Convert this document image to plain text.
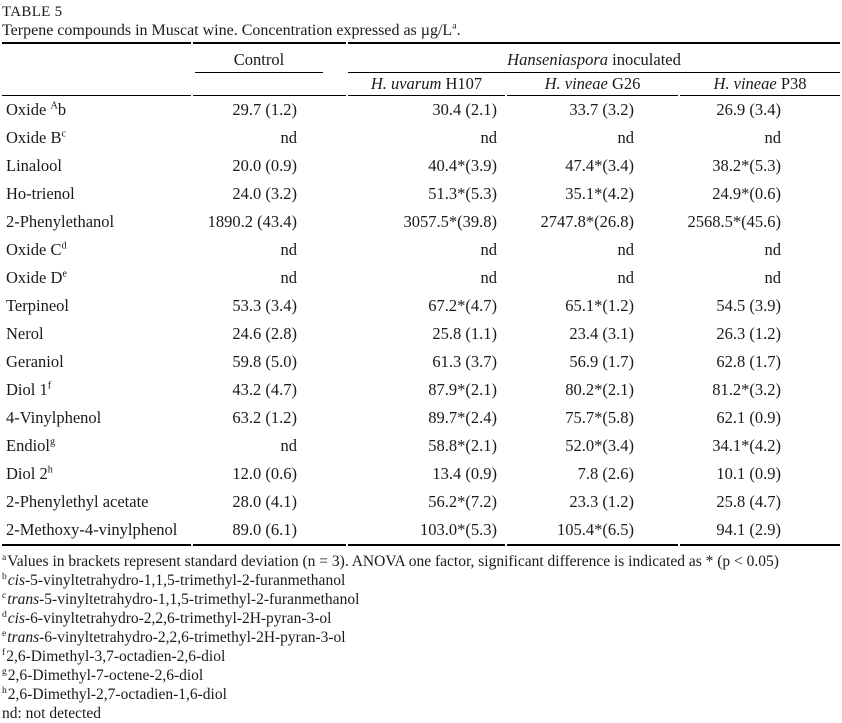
TABLE 5
Terpene compounds in Muscat wine. Concentration expressed as $\mu g/L^a$.

	Control	Hanseniaspora inoculated		
		H. uvarum H107	H. vineae G26	H. vineae P38
Oxide $^A$b	29.7 (1.2)	30.4 (2.1)	33.7 (3.2)	26.9 (3.4)
Oxide $B^c$	nd	nd	nd	nd
Linalool	20.0 (0.9)	40.4*(3.9)	47.4*(3.4)	38.2*(5.3)
Ho-trienol	24.0 (3.2)	51.3*(5.3)	35.1*(4.2)	24.9*(0.6)
2-Phenylethanol	1890.2 (43.4)	3057.5*(39.8)	2747.8*(26.8)	2568.5*(45.6)
Oxide $C^d$	nd	nd	nd	nd
Oxide De	nd	nd	nd	nd
Terpineol	53.3 (3.4)	67.2*(4.7)	65.1*(1.2)	54.5 (3.9)
Nerol	24.6 (2.8)	25.8 (1.1)	23.4 (3.1)	26.3 (1.2)
Geraniol	59.8 (5.0)	61.3 (3.7)	56.9 (1.7)	62.8 (1.7)
Diol 1$^f$	43.2 (4.7)	87.9*(2.1)	80.2*(2.1)	81.2*(3.2)
4-Vinylphenol	63.2 (1.2)	89.7*(2.4)	75.7*(5.8)	62.1 (0.9)
Endiol$^g$	nd	58.8*(2.1)	52.0*(3.4)	34.1*(4.2)
Diol 2$^h$	12.0 (0.6)	13.4 (0.9)	7.8 (2.6)	10.1 (0.9)
2-Phenylethyl acetate	28.0 (4.1)	56.2*(7.2)	23.3 (1.2)	25.8 (4.7)
2-Methoxy-4-vinylphenol	89.0 (6.1)	103.0*(5.3)	105.4*(6.5)	94.1 (2.9)
$^a$Values in brackets represent standard deviation (n = 3). ANOVA one factor, significant difference is indicated as * (p < 0.05)
$^b$cis-5-vinyltetrahydro-1,1,5-trimethyl-2-furanmethanol
$^c$trans-5-vinyltetrahydro-1,1,5-trimethyl-2-furanmethanol
$^d$cis-6-vinyltetrahydro-2,2,6-trimethyl-2H-pyran-3-ol
$^e$trans-6-vinyltetrahydro-2,2,6-trimethyl-2H-pyran-3-ol
$^f$2,6-Dimethyl-3,7-octadien-2,6-diol
$^g$2,6-Dimethyl-7-octene-2,6-diol
$^h$2,6-Dimethyl-2,7-octadien-1,6-diol
nd: not detected
